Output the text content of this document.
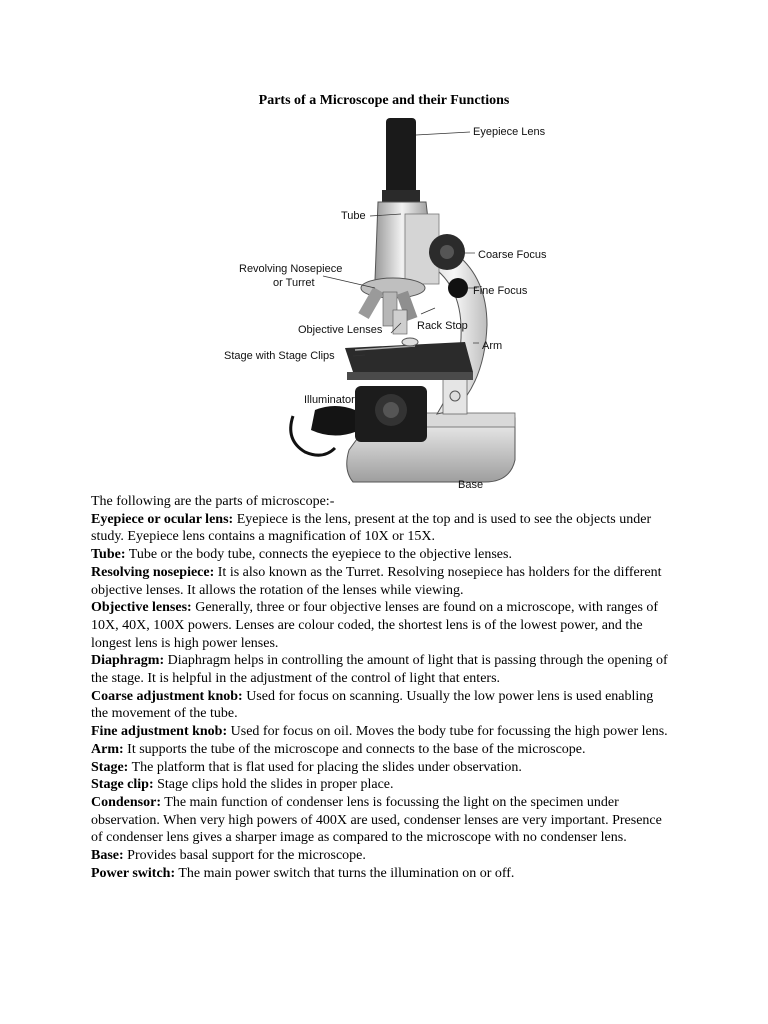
Parts of a Microscope and their Functions
Eyepiece Lens
Tube
Revolving Nosepiece
or Turret
Objective Lenses
Stage with Stage Clips
Illuminator
Coarse Focus
Fine Focus
Rack Stop
Arm
Base

The following are the parts of microscope:-

Eyepiece or ocular lens: Eyepiece is the lens, present at the top and is used to see the objects under study. Eyepiece lens contains a magnification of 10X or 15X.

Tube: Tube or the body tube, connects the eyepiece to the objective lenses.

Resolving nosepiece: It is also known as the Turret. Resolving nosepiece has holders for the different objective lenses. It allows the rotation of the lenses while viewing.

Objective lenses: Generally, three or four objective lenses are found on a microscope, with ranges of 10X, 40X, 100X powers. Lenses are colour coded, the shortest lens is of the lowest power, and the longest lens is high power lenses.

Diaphragm: Diaphragm helps in controlling the amount of light that is passing through the opening of the stage. It is helpful in the adjustment of the control of light that enters.

Coarse adjustment knob: Used for focus on scanning. Usually the low power lens is used enabling the movement of the tube.

Fine adjustment knob: Used for focus on oil. Moves the body tube for focussing the high power lens.

Arm: It supports the tube of the microscope and connects to the base of the microscope.

Stage: The platform that is flat used for placing the slides under observation.

Stage clip: Stage clips hold the slides in proper place.

Condensor: The main function of condenser lens is focussing the light on the specimen under observation. When very high powers of 400X are used, condenser lenses are very important. Presence of condenser lens gives a sharper image as compared to the microscope with no condenser lens.

Base: Provides basal support for the microscope.

Power switch: The main power switch that turns the illumination on or off.
